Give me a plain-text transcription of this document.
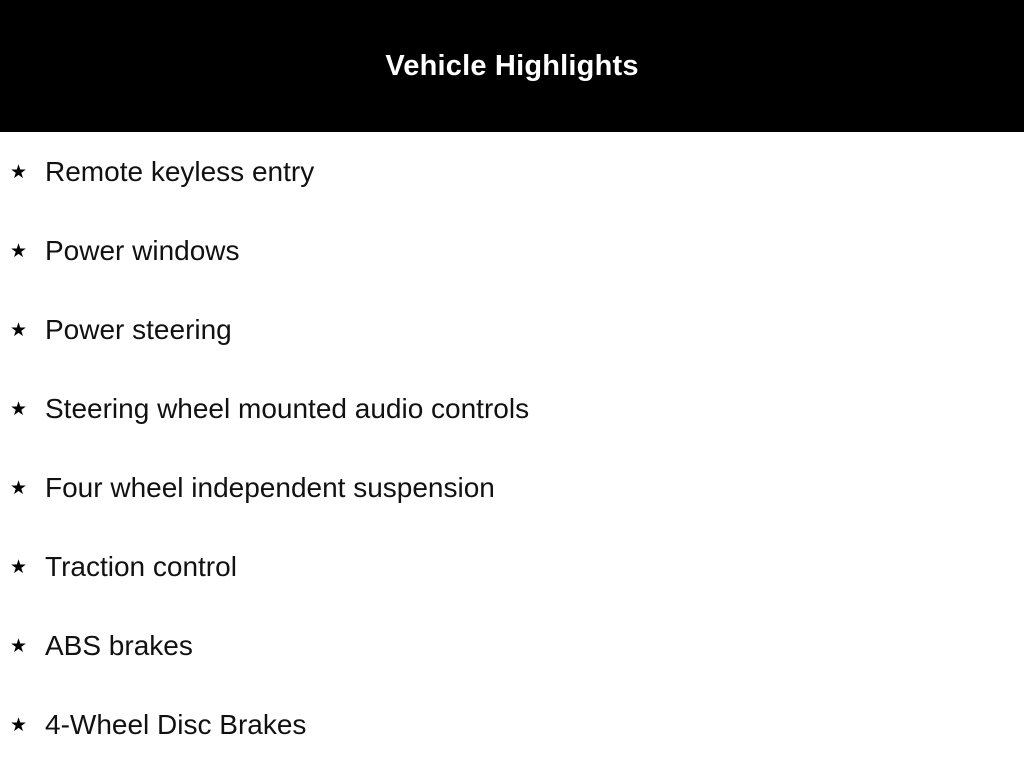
Vehicle Highlights
★ Remote keyless entry
★ Power windows
★ Power steering
★ Steering wheel mounted audio controls
★ Four wheel independent suspension
★ Traction control
★ ABS brakes
★ 4-Wheel Disc Brakes
